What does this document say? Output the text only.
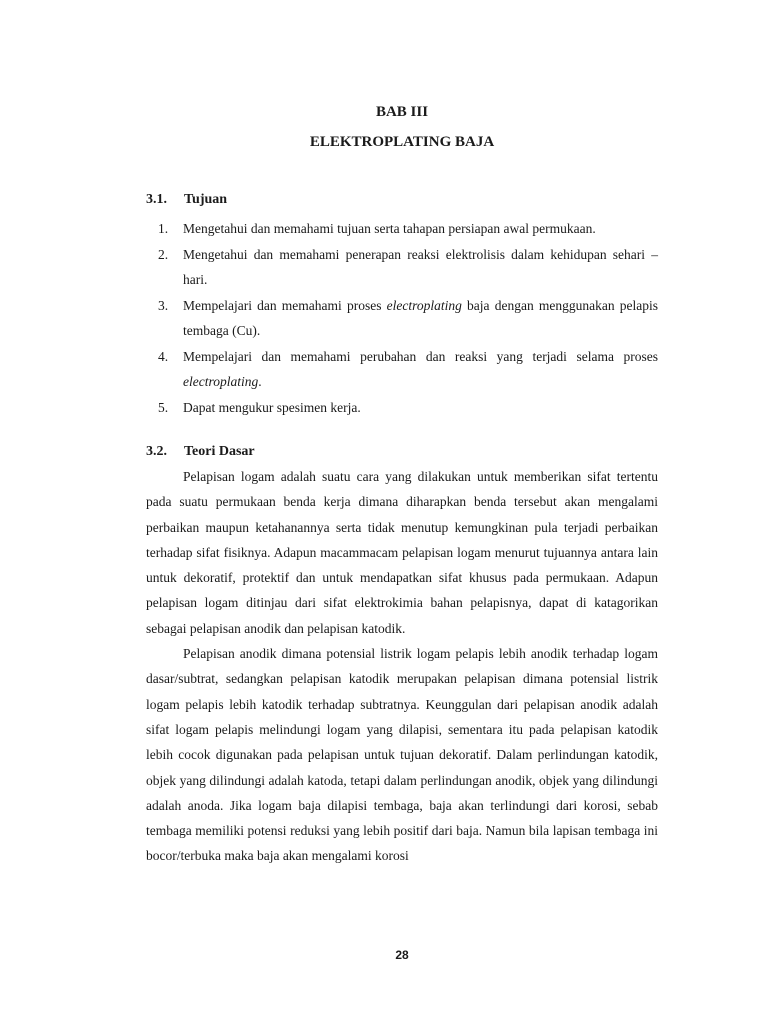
BAB III
ELEKTROPLATING BAJA
3.1. Tujuan
1. Mengetahui dan memahami tujuan serta tahapan persiapan awal permukaan.
2. Mengetahui dan memahami penerapan reaksi elektrolisis dalam kehidupan sehari – hari.
3. Mempelajari dan memahami proses electroplating baja dengan menggunakan pelapis tembaga (Cu).
4. Mempelajari dan memahami perubahan dan reaksi yang terjadi selama proses electroplating.
5. Dapat mengukur spesimen kerja.
3.2. Teori Dasar

Pelapisan logam adalah suatu cara yang dilakukan untuk memberikan sifat tertentu pada suatu permukaan benda kerja dimana diharapkan benda tersebut akan mengalami perbaikan maupun ketahanannya serta tidak menutup kemungkinan pula terjadi perbaikan terhadap sifat fisiknya. Adapun macammacam pelapisan logam menurut tujuannya antara lain untuk dekoratif, protektif dan untuk mendapatkan sifat khusus pada permukaan. Adapun pelapisan logam ditinjau dari sifat elektrokimia bahan pelapisnya, dapat di katagorikan sebagai pelapisan anodik dan pelapisan katodik.

Pelapisan anodik dimana potensial listrik logam pelapis lebih anodik terhadap logam dasar/subtrat, sedangkan pelapisan katodik merupakan pelapisan dimana potensial listrik logam pelapis lebih katodik terhadap subtratnya. Keunggulan dari pelapisan anodik adalah sifat logam pelapis melindungi logam yang dilapisi, sementara itu pada pelapisan katodik lebih cocok digunakan pada pelapisan untuk tujuan dekoratif. Dalam perlindungan katodik, objek yang dilindungi adalah katoda, tetapi dalam perlindungan anodik, objek yang dilindungi adalah anoda. Jika logam baja dilapisi tembaga, baja akan terlindungi dari korosi, sebab tembaga memiliki potensi reduksi yang lebih positif dari baja. Namun bila lapisan tembaga ini bocor/terbuka maka baja akan mengalami korosi

28
